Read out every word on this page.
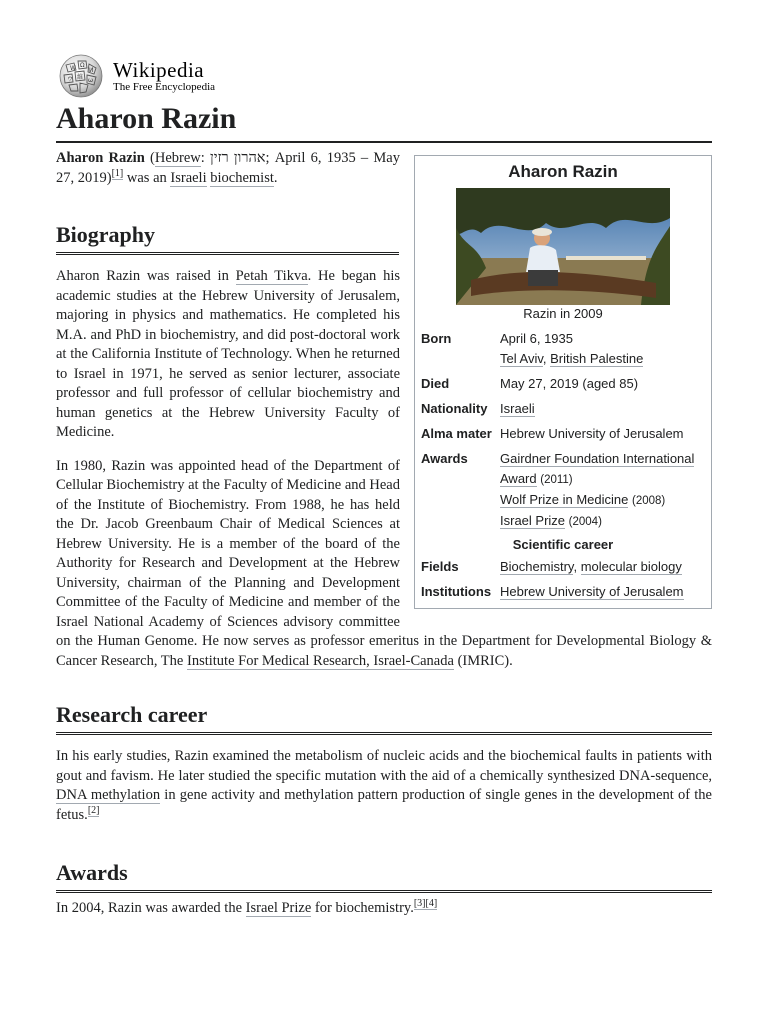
W Ω
И
維 ω
ウ Wikipedia
The Free Encyclopedia
Aharon Razin
Aharon Razin
Razin in 2009
Born	April 6, 1935
Tel Aviv, British Palestine
Died	May 27, 2019 (aged 85)
Nationality Israeli
Alma mater Hebrew University of Jerusalem
Awards	Gairdner Foundation International Award (2011)
Wolf Prize in Medicine (2008)
Israel Prize (2004)
Scientific career
Fields	Biochemistry, molecular biology
Institutions Hebrew University of Jerusalem

Aharon Razin (Hebrew: אהרון רזין; April 6, 1935 – May 27, 2019)[1] was an Israeli biochemist.

Biography

Aharon Razin was raised in Petah Tikva. He began his academic studies at the Hebrew University of Jerusalem, majoring in physics and mathematics. He completed his M.A. and PhD in biochemistry, and did post-doctoral work at the California Institute of Technology. When he returned to Israel in 1971, he served as senior lecturer, associate professor and full professor of cellular biochemistry and human genetics at the Hebrew University Faculty of Medicine.

In 1980, Razin was appointed head of the Department of Cellular Biochemistry at the Faculty of Medicine and Head of the Institute of Biochemistry. From 1988, he has held the Dr. Jacob Greenbaum Chair of Medical Sciences at Hebrew University. He is a member of the board of the Authority for Research and Development at the Hebrew University, chairman of the Planning and Development Committee of the Faculty of Medicine and member of the Israel National Academy of Sciences advisory committee on the Human Genome. He now serves as professor emeritus in the Department for Developmental Biology & Cancer Research, The Institute For Medical Research, Israel-Canada (IMRIC).

Research career

In his early studies, Razin examined the metabolism of nucleic acids and the biochemical faults in patients with gout and favism. He later studied the specific mutation with the aid of a chemically synthesized DNA-sequence, DNA methylation in gene activity and methylation pattern production of single genes in the development of the fetus.[2]

Awards

In 2004, Razin was awarded the Israel Prize for biochemistry.[3][4]
